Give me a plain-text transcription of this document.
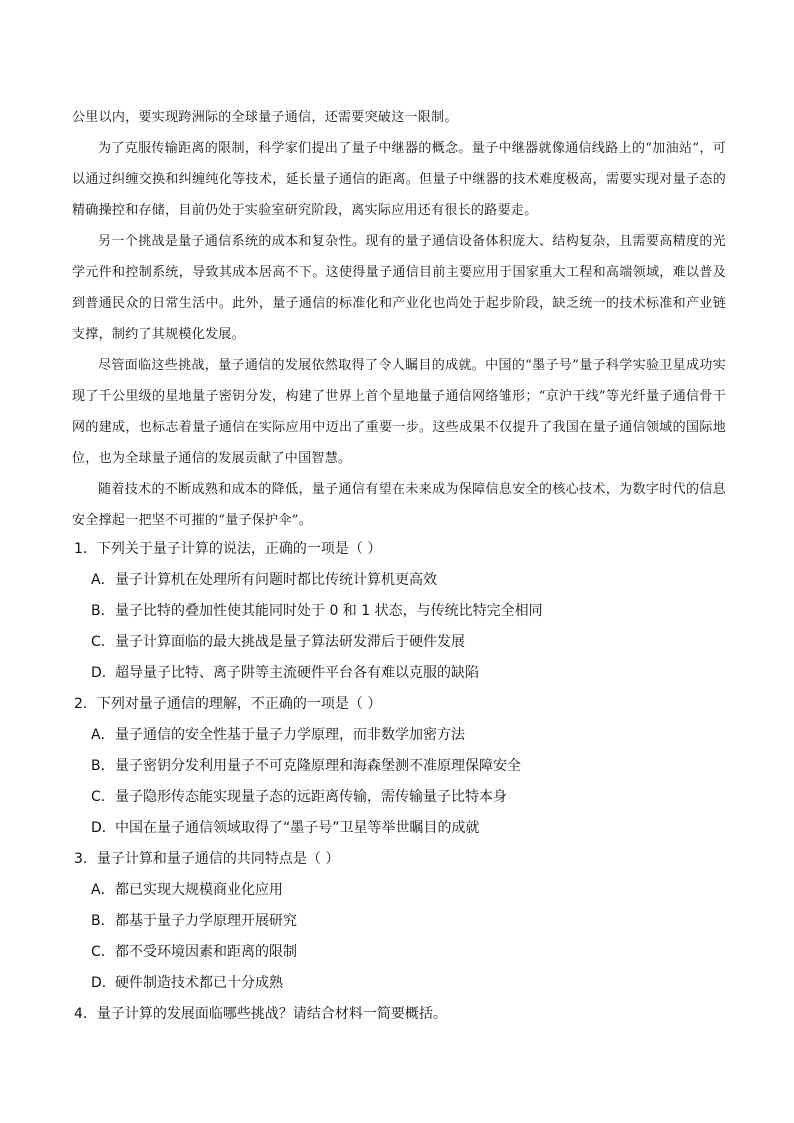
公里以内，要实现跨洲际的全球量子通信，还需要突破这一限制。

为了克服传输距离的限制，科学家们提出了量子中继器的概念。量子中继器就像通信线路上的“加油站”，可以通过纠缠交换和纠缠纯化等技术，延长量子通信的距离。但量子中继器的技术难度极高，需要实现对量子态的精确操控和存储，目前仍处于实验室研究阶段，离实际应用还有很长的路要走。

另一个挑战是量子通信系统的成本和复杂性。现有的量子通信设备体积庞大、结构复杂，且需要高精度的光学元件和控制系统，导致其成本居高不下。这使得量子通信目前主要应用于国家重大工程和高端领域，难以普及到普通民众的日常生活中。此外，量子通信的标准化和产业化也尚处于起步阶段，缺乏统一的技术标准和产业链支撑，制约了其规模化发展。

尽管面临这些挑战，量子通信的发展依然取得了令人瞩目的成就。中国的“墨子号”量子科学实验卫星成功实现了千公里级的星地量子密钥分发，构建了世界上首个星地量子通信网络雏形；“京沪干线”等光纤量子通信骨干网的建成，也标志着量子通信在实际应用中迈出了重要一步。这些成果不仅提升了我国在量子通信领域的国际地位，也为全球量子通信的发展贡献了中国智慧。

随着技术的不断成熟和成本的降低，量子通信有望在未来成为保障信息安全的核心技术，为数字时代的信息安全撑起一把坚不可摧的“量子保护伞”。

1．下列关于量子计算的说法，正确的一项是（ ）
A．量子计算机在处理所有问题时都比传统计算机更高效
B．量子比特的叠加性使其能同时处于 0 和 1 状态，与传统比特完全相同
C．量子计算面临的最大挑战是量子算法研发滞后于硬件发展
D．超导量子比特、离子阱等主流硬件平台各有难以克服的缺陷
2．下列对量子通信的理解，不正确的一项是（ ）
A．量子通信的安全性基于量子力学原理，而非数学加密方法
B．量子密钥分发利用量子不可克隆原理和海森堡测不准原理保障安全
C．量子隐形传态能实现量子态的远距离传输，需传输量子比特本身
D．中国在量子通信领域取得了“墨子号”卫星等举世瞩目的成就
3．量子计算和量子通信的共同特点是（ ）
A．都已实现大规模商业化应用
B．都基于量子力学原理开展研究
C．都不受环境因素和距离的限制
D．硬件制造技术都已十分成熟
4．量子计算的发展面临哪些挑战？请结合材料一简要概括。
